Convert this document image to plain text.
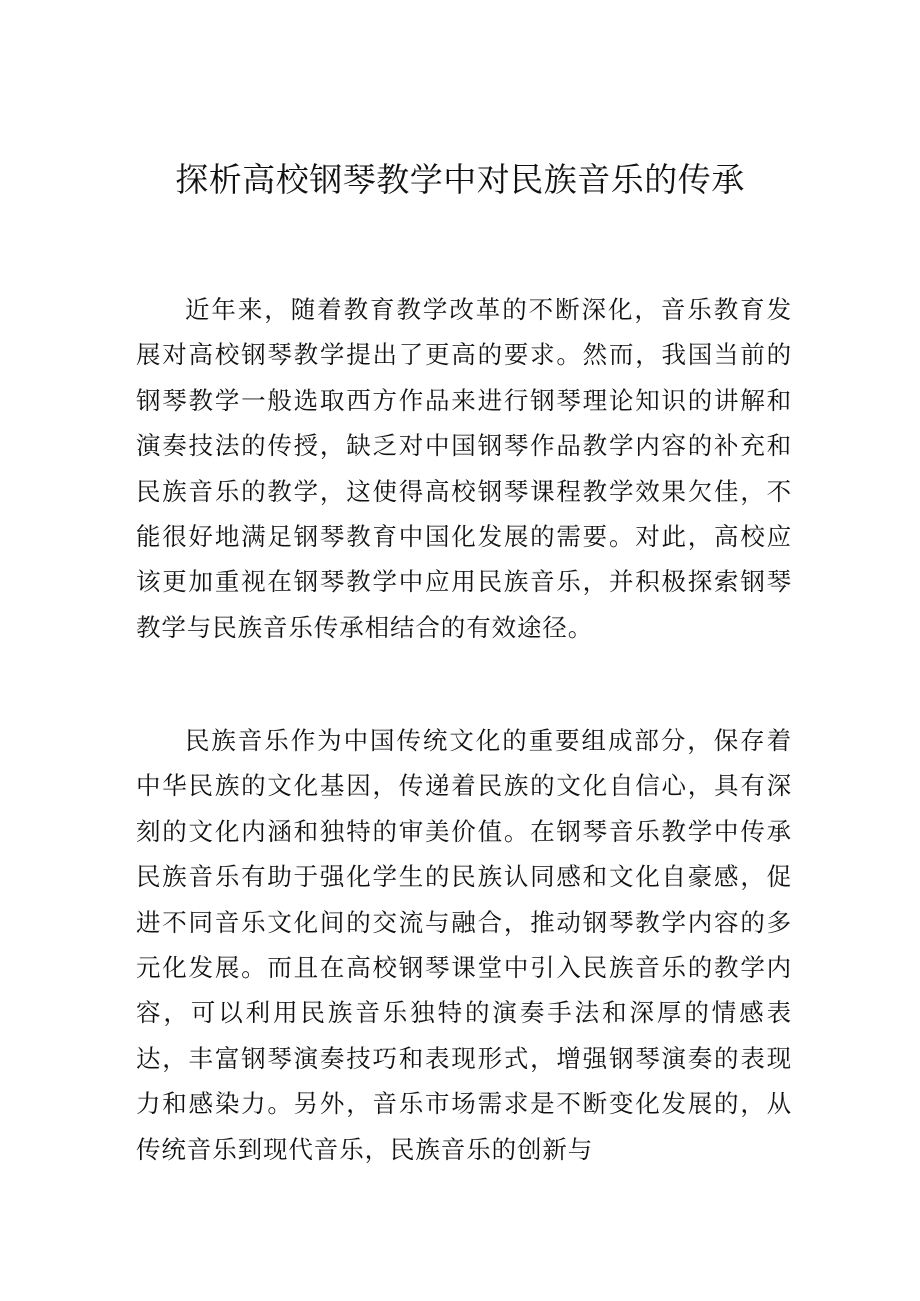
探析高校钢琴教学中对民族音乐的传承

近年来，随着教育教学改革的不断深化，音乐教育发展对高校钢琴教学提出了更高的要求。然而，我国当前的钢琴教学一般选取西方作品来进行钢琴理论知识的讲解和演奏技法的传授，缺乏对中国钢琴作品教学内容的补充和民族音乐的教学，这使得高校钢琴课程教学效果欠佳，不能很好地满足钢琴教育中国化发展的需要。对此，高校应该更加重视在钢琴教学中应用民族音乐，并积极探索钢琴教学与民族音乐传承相结合的有效途径。

民族音乐作为中国传统文化的重要组成部分，保存着中华民族的文化基因，传递着民族的文化自信心，具有深刻的文化内涵和独特的审美价值。在钢琴音乐教学中传承民族音乐有助于强化学生的民族认同感和文化自豪感，促进不同音乐文化间的交流与融合，推动钢琴教学内容的多元化发展。而且在高校钢琴课堂中引入民族音乐的教学内容，可以利用民族音乐独特的演奏手法和深厚的情感表达，丰富钢琴演奏技巧和表现形式，增强钢琴演奏的表现力和感染力。另外，音乐市场需求是不断变化发展的，从传统音乐到现代音乐，民族音乐的创新与
